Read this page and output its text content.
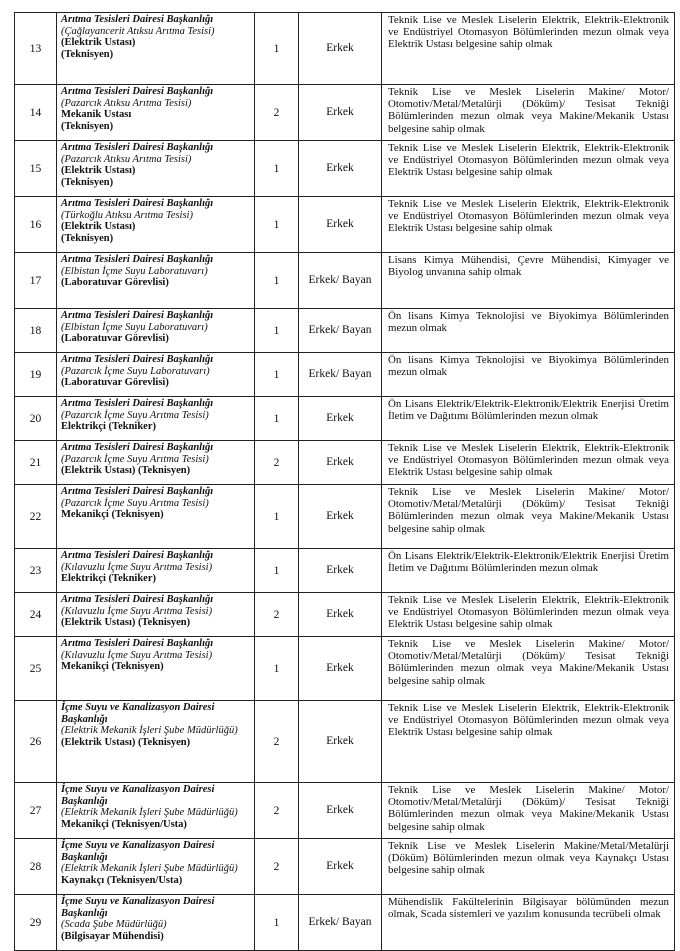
13	Arıtma Tesisleri Dairesi Başkanlığı
(Çağlayancerit Atıksu Arıtma Tesisi)
(Elektrik Ustası)
(Teknisyen)	1	Erkek	Teknik Lise ve Meslek Liselerin Elektrik, Elektrik-Elektronik ve Endüstriyel Otomasyon Bölümlerinden mezun olmak veya Elektrik Ustası belgesine sahip olmak
14	Arıtma Tesisleri Dairesi Başkanlığı
(Pazarcık Atıksu Arıtma Tesisi)
Mekanik Ustası
(Teknisyen)	2	Erkek	Teknik Lise ve Meslek Liselerin Makine/ Motor/ Otomotiv/Metal/Metalürji (Döküm)/ Tesisat Tekniği Bölümlerinden mezun olmak veya Makine/Mekanik Ustası belgesine sahip olmak
15	Arıtma Tesisleri Dairesi Başkanlığı
(Pazarcık Atıksu Arıtma Tesisi)
(Elektrik Ustası)
(Teknisyen)	1	Erkek	Teknik Lise ve Meslek Liselerin Elektrik, Elektrik-Elektronik ve Endüstriyel Otomasyon Bölümlerinden mezun olmak veya Elektrik Ustası belgesine sahip olmak
16	Arıtma Tesisleri Dairesi Başkanlığı
(Türkoğlu Atıksu Arıtma Tesisi)
(Elektrik Ustası)
(Teknisyen)	1	Erkek	Teknik Lise ve Meslek Liselerin Elektrik, Elektrik-Elektronik ve Endüstriyel Otomasyon Bölümlerinden mezun olmak veya Elektrik Ustası belgesine sahip olmak
17	Arıtma Tesisleri Dairesi Başkanlığı
(Elbistan İçme Suyu Laboratuvarı)
(Laboratuvar Görevlisi)	1	Erkek/ Bayan	Lisans Kimya Mühendisi, Çevre Mühendisi, Kimyager ve Biyolog unvanına sahip olmak
18	Arıtma Tesisleri Dairesi Başkanlığı
(Elbistan İçme Suyu Laboratuvarı)
(Laboratuvar Görevlisi)	1	Erkek/ Bayan	Ön lisans Kimya Teknolojisi ve Biyokimya Bölümlerinden mezun olmak
19	Arıtma Tesisleri Dairesi Başkanlığı
(Pazarcık İçme Suyu Laboratuvarı)
(Laboratuvar Görevlisi)	1	Erkek/ Bayan	Ön lisans Kimya Teknolojisi ve Biyokimya Bölümlerinden mezun olmak
20	Arıtma Tesisleri Dairesi Başkanlığı
(Pazarcık İçme Suyu Arıtma Tesisi)
Elektrikçi (Tekniker)	1	Erkek	Ön Lisans Elektrik/Elektrik-Elektronik/Elektrik Enerjisi Üretim İletim ve Dağıtımı Bölümlerinden mezun olmak
21	Arıtma Tesisleri Dairesi Başkanlığı
(Pazarcık İçme Suyu Arıtma Tesisi)
(Elektrik Ustası) (Teknisyen)	2	Erkek	Teknik Lise ve Meslek Liselerin Elektrik, Elektrik-Elektronik ve Endüstriyel Otomasyon Bölümlerinden mezun olmak veya Elektrik Ustası belgesine sahip olmak
22	Arıtma Tesisleri Dairesi Başkanlığı
(Pazarcık İçme Suyu Arıtma Tesisi)
Mekanikçi (Teknisyen)	1	Erkek	Teknik Lise ve Meslek Liselerin Makine/ Motor/ Otomotiv/Metal/Metalürji (Döküm)/ Tesisat Tekniği Bölümlerinden mezun olmak veya Makine/Mekanik Ustası belgesine sahip olmak
23	Arıtma Tesisleri Dairesi Başkanlığı
(Kılavuzlu İçme Suyu Arıtma Tesisi)
Elektrikçi (Tekniker)	1	Erkek	Ön Lisans Elektrik/Elektrik-Elektronik/Elektrik Enerjisi Üretim İletim ve Dağıtımı Bölümlerinden mezun olmak
24	Arıtma Tesisleri Dairesi Başkanlığı
(Kılavuzlu İçme Suyu Arıtma Tesisi)
(Elektrik Ustası) (Teknisyen)	2	Erkek	Teknik Lise ve Meslek Liselerin Elektrik, Elektrik-Elektronik ve Endüstriyel Otomasyon Bölümlerinden mezun olmak veya Elektrik Ustası belgesine sahip olmak
25	Arıtma Tesisleri Dairesi Başkanlığı
(Kılavuzlu İçme Suyu Arıtma Tesisi)
Mekanikçi (Teknisyen)	1	Erkek	Teknik Lise ve Meslek Liselerin Makine/ Motor/ Otomotiv/Metal/Metalürji (Döküm)/ Tesisat Tekniği Bölümlerinden mezun olmak veya Makine/Mekanik Ustası belgesine sahip olmak
26	İçme Suyu ve Kanalizasyon Dairesi Başkanlığı
(Elektrik Mekanik İşleri Şube Müdürlüğü)
(Elektrik Ustası) (Teknisyen)	2	Erkek	Teknik Lise ve Meslek Liselerin Elektrik, Elektrik-Elektronik ve Endüstriyel Otomasyon Bölümlerinden mezun olmak veya Elektrik Ustası belgesine sahip olmak
27	İçme Suyu ve Kanalizasyon Dairesi Başkanlığı
(Elektrik Mekanik İşleri Şube Müdürlüğü)
Mekanikçi (Teknisyen/Usta)	2	Erkek	Teknik Lise ve Meslek Liselerin Makine/ Motor/ Otomotiv/Metal/Metalürji (Döküm)/ Tesisat Tekniği Bölümlerinden mezun olmak veya Makine/Mekanik Ustası belgesine sahip olmak
28	İçme Suyu ve Kanalizasyon Dairesi Başkanlığı
(Elektrik Mekanik İşleri Şube Müdürlüğü)
Kaynakçı (Teknisyen/Usta)	2	Erkek	Teknik Lise ve Meslek Liselerin Makine/Metal/Metalürji (Döküm) Bölümlerinden mezun olmak veya Kaynakçı Ustası belgesine sahip olmak
29	İçme Suyu ve Kanalizasyon Dairesi Başkanlığı
(Scada Şube Müdürlüğü)
(Bilgisayar Mühendisi)	1	Erkek/ Bayan	Mühendislik Fakültelerinin Bilgisayar bölümünden mezun olmak, Scada sistemleri ve yazılım konusunda tecrübeli olmak
